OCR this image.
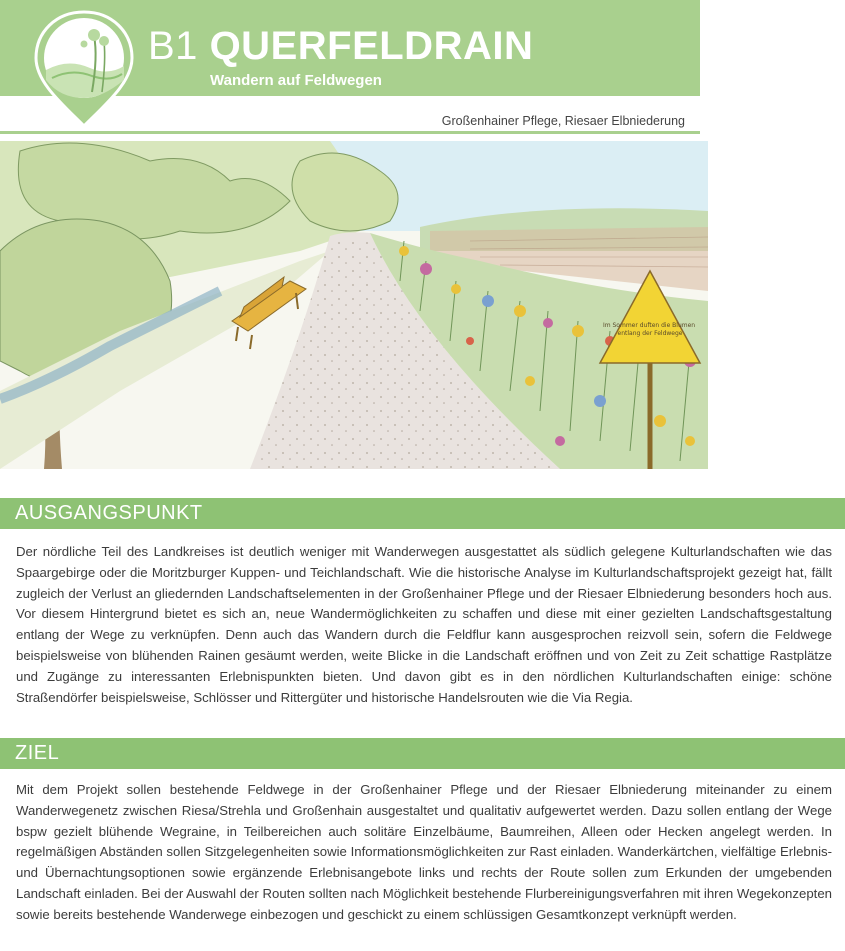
B1 QUERFELDRAIN
Wandern auf Feldwegen
Großenhainer Pflege, Riesaer Elbniederung
Im Sommer duften die Blumen entlang der Feldwege
AUSGANGSPUNKT

Der nördliche Teil des Landkreises ist deutlich weniger mit Wanderwegen ausgestattet als südlich gelegene Kulturlandschaften wie das Spaargebirge oder die Moritzburger Kuppen- und Teichlandschaft. Wie die historische Analyse im Kulturlandschaftsprojekt gezeigt hat, fällt zugleich der Verlust an gliedernden Landschaftselementen in der Großenhainer Pflege und der Riesaer Elbniederung besonders hoch aus. Vor diesem Hintergrund bietet es sich an, neue Wandermöglichkeiten zu schaffen und diese mit einer gezielten Landschaftsgestaltung entlang der Wege zu verknüpfen. Denn auch das Wandern durch die Feldflur kann ausgesprochen reizvoll sein, sofern die Feldwege beispielsweise von blühenden Rainen gesäumt werden, weite Blicke in die Landschaft eröffnen und von Zeit zu Zeit schattige Rastplätze und Zugänge zu interessanten Erlebnispunkten bieten. Und davon gibt es in den nördlichen Kulturlandschaften einige: schöne Straßendörfer beispielsweise, Schlösser und Rittergüter und historische Handelsrouten wie die Via Regia.

ZIEL

Mit dem Projekt sollen bestehende Feldwege in der Großenhainer Pflege und der Riesaer Elbniederung miteinander zu einem Wanderwegenetz zwischen Riesa/Strehla und Großenhain ausgestaltet und qualitativ aufgewertet werden. Dazu sollen entlang der Wege bspw gezielt blühende Wegraine, in Teilbereichen auch solitäre Einzelbäume, Baumreihen, Alleen oder Hecken angelegt werden. In regelmäßigen Abständen sollen Sitzgelegenheiten sowie Informationsmöglichkeiten zur Rast einladen. Wanderkärtchen, vielfältige Erlebnis- und Übernachtungsoptionen sowie ergänzende Erlebnisangebote links und rechts der Route sollen zum Erkunden der umgebenden Landschaft einladen. Bei der Auswahl der Routen sollten nach Möglichkeit bestehende Flurbereinigungsverfahren mit ihren Wegekonzepten sowie bereits bestehende Wanderwege einbezogen und geschickt zu einem schlüssigen Gesamtkonzept verknüpft werden.
